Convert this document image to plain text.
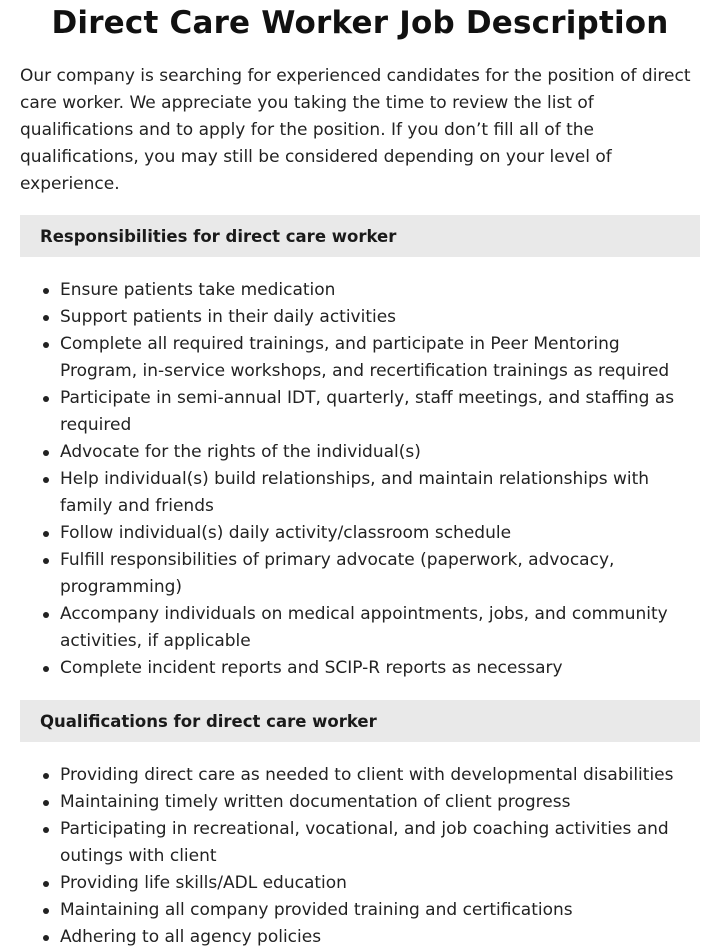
Direct Care Worker Job Description

Our company is searching for experienced candidates for the position of direct care worker. We appreciate you taking the time to review the list of qualifications and to apply for the position. If you don’t fill all of the qualifications, you may still be considered depending on your level of experience.

Responsibilities for direct care worker
Ensure patients take medication
Support patients in their daily activities
Complete all required trainings, and participate in Peer Mentoring Program, in-service workshops, and recertification trainings as required
Participate in semi-annual IDT, quarterly, staff meetings, and staffing as required
Advocate for the rights of the individual(s)
Help individual(s) build relationships, and maintain relationships with family and friends
Follow individual(s) daily activity/classroom schedule
Fulfill responsibilities of primary advocate (paperwork, advocacy, programming)
Accompany individuals on medical appointments, jobs, and community activities, if applicable
Complete incident reports and SCIP-R reports as necessary
Qualifications for direct care worker
Providing direct care as needed to client with developmental disabilities
Maintaining timely written documentation of client progress
Participating in recreational, vocational, and job coaching activities and outings with client
Providing life skills/ADL education
Maintaining all company provided training and certifications
Adhering to all agency policies
